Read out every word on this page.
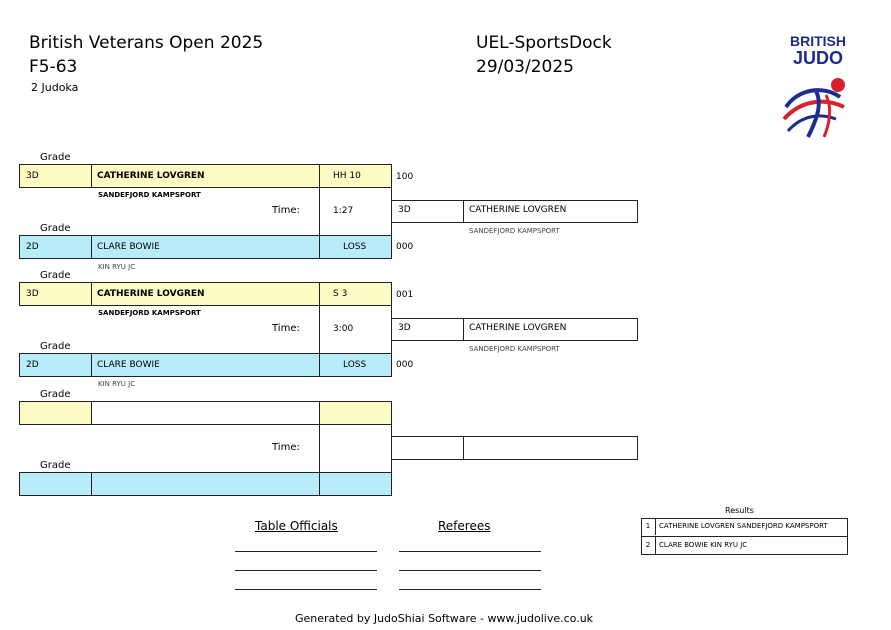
British Veterans Open 2025
F5-63
2 Judoka
UEL-SportsDock
29/03/2025
BRITISH
JUDO
Grade
3D	CATHERINE LOVGREN	HH 10	100
SANDEFJORD KAMPSPORT
Time:	1:27	3D	CATHERINE LOVGREN
SANDEFJORD KAMPSPORT
Grade
2D	CLARE BOWIE	LOSS	000
KIN RYU JC
Grade
3D	CATHERINE LOVGREN	S 3	001
SANDEFJORD KAMPSPORT
Time:	3:00	3D	CATHERINE LOVGREN
SANDEFJORD KAMPSPORT
Grade
2D	CLARE BOWIE	LOSS	000
KIN RYU JC
Grade
Time:
Grade
Table Officials	Referees
Results
1 CATHERINE LOVGREN SANDEFJORD KAMPSPORT
2 CLARE BOWIE KIN RYU JC
Generated by JudoShiai Software - www.judolive.co.uk
